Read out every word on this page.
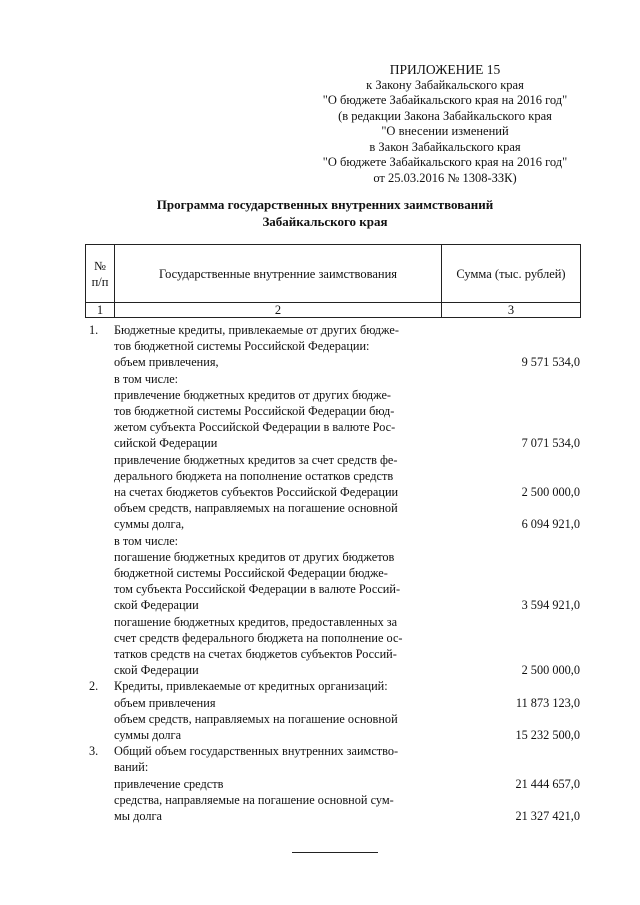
ПРИЛОЖЕНИЕ 15
к Закону Забайкальского края
"О бюджете Забайкальского края на 2016 год"
(в редакции Закона Забайкальского края
"О внесении изменений
в Закон Забайкальского края
"О бюджете Забайкальского края на 2016 год"
от 25.03.2016 № 1308-ЗЗК)
Программа государственных внутренних заимствований
Забайкальского края
№
п/п	Государственные внутренние заимствования	Сумма (тыс. рублей)
1	2	3
1. Бюджетные кредиты, привлекаемые от других бюдже-
тов бюджетной системы Российской Федерации:
объем привлечения,	9 571 534,0
в том числе:
привлечение бюджетных кредитов от других бюдже-
тов бюджетной системы Российской Федерации бюд-
жетом субъекта Российской Федерации в валюте Рос-
сийской Федерации	7 071 534,0
привлечение бюджетных кредитов за счет средств фе-
дерального бюджета на пополнение остатков средств
на счетах бюджетов субъектов Российской Федерации	2 500 000,0
объем средств, направляемых на погашение основной
суммы долга,	6 094 921,0
в том числе:
погашение бюджетных кредитов от других бюджетов
бюджетной системы Российской Федерации бюдже-
том субъекта Российской Федерации в валюте Россий-
ской Федерации	3 594 921,0
погашение бюджетных кредитов, предоставленных за
счет средств федерального бюджета на пополнение ос-
татков средств на счетах бюджетов субъектов Россий-
ской Федерации	2 500 000,0
2. Кредиты, привлекаемые от кредитных организаций:
объем привлечения	11 873 123,0
объем средств, направляемых на погашение основной
суммы долга	15 232 500,0
3. Общий объем государственных внутренних заимство-
ваний:
привлечение средств	21 444 657,0
средства, направляемые на погашение основной сум-
мы долга	21 327 421,0
